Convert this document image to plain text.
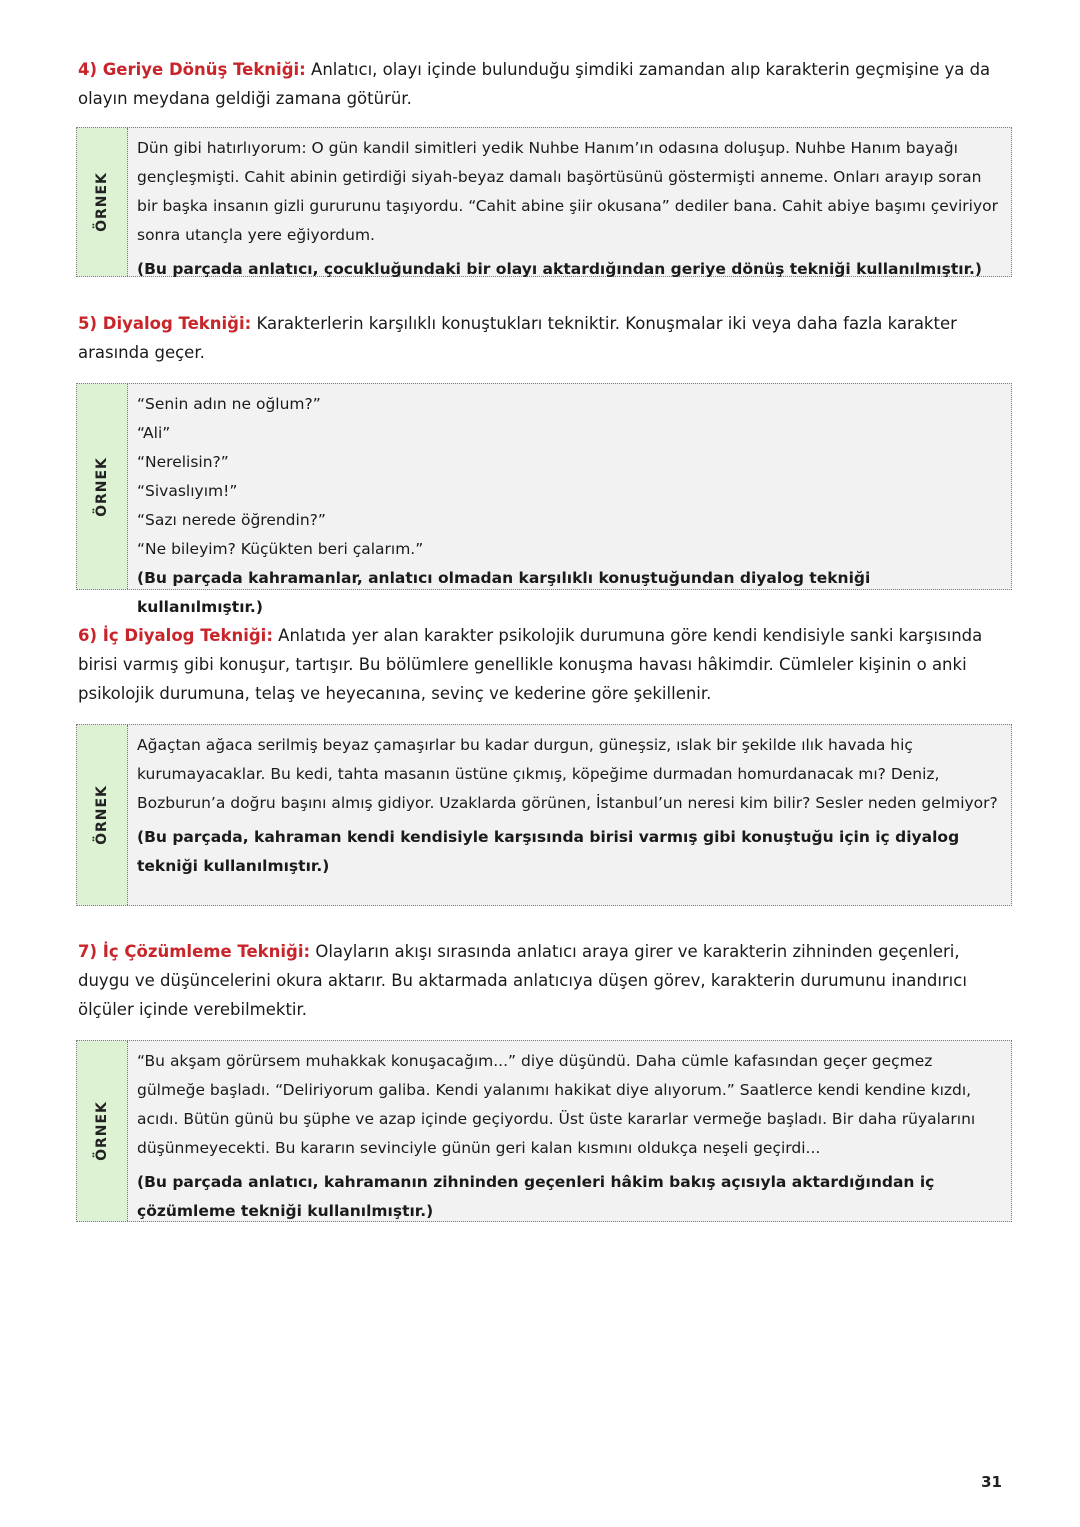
4) Geriye Dönüş Tekniği: Anlatıcı, olayı içinde bulunduğu şimdiki zamandan alıp karakterin geçmişine ya da olayın meydana geldiği zamana götürür.
ÖRNEK

Dün gibi hatırlıyorum: O gün kandil simitleri yedik Nuhbe Hanım’ın odasına doluşup. Nuhbe Hanım bayağı gençleşmişti. Cahit abinin getirdiği siyah-beyaz damalı başörtüsünü göstermişti anneme. Onları arayıp soran bir başka insanın gizli gururunu taşıyordu. “Cahit abine şiir okusana” dediler bana. Cahit abiye başımı çeviriyor sonra utançla yere eğiyordum.

(Bu parçada anlatıcı, çocukluğundaki bir olayı aktardığından geriye dönüş tekniği kullanılmıştır.)

5) Diyalog Tekniği: Karakterlerin karşılıklı konuştukları tekniktir. Konuşmalar iki veya daha fazla karakter arasında geçer.
ÖRNEK

“Senin adın ne oğlum?”

“Ali”

“Nerelisin?”

“Sivaslıyım!”

“Sazı nerede öğrendin?”

“Ne bileyim? Küçükten beri çalarım.”

(Bu parçada kahramanlar, anlatıcı olmadan karşılıklı konuştuğundan diyalog tekniği kullanılmıştır.)

6) İç Diyalog Tekniği: Anlatıda yer alan karakter psikolojik durumuna göre kendi kendisiyle sanki karşısında birisi varmış gibi konuşur, tartışır. Bu bölümlere genellikle konuşma havası hâkimdir. Cümleler kişinin o anki psikolojik durumuna, telaş ve heyecanına, sevinç ve kederine göre şekillenir.
ÖRNEK

Ağaçtan ağaca serilmiş beyaz çamaşırlar bu kadar durgun, güneşsiz, ıslak bir şekilde ılık havada hiç kurumayacaklar. Bu kedi, tahta masanın üstüne çıkmış, köpeğime durmadan homurdanacak mı? Deniz, Bozburun’a doğru başını almış gidiyor. Uzaklarda görünen, İstanbul’un neresi kim bilir? Sesler neden gelmiyor?

(Bu parçada, kahraman kendi kendisiyle karşısında birisi varmış gibi konuştuğu için iç diyalog tekniği kullanılmıştır.)

7) İç Çözümleme Tekniği: Olayların akışı sırasında anlatıcı araya girer ve karakterin zihninden geçenleri, duygu ve düşüncelerini okura aktarır. Bu aktarmada anlatıcıya düşen görev, karakterin durumunu inandırıcı ölçüler içinde verebilmektir.
ÖRNEK

“Bu akşam görürsem muhakkak konuşacağım...” diye düşündü. Daha cümle kafasından geçer geçmez gülmeğe başladı. “Deliriyorum galiba. Kendi yalanımı hakikat diye alıyorum.” Saatlerce kendi kendine kızdı, acıdı. Bütün günü bu şüphe ve azap içinde geçiyordu. Üst üste kararlar vermeğe başladı. Bir daha rüyalarını düşünmeyecekti. Bu kararın sevinciyle günün geri kalan kısmını oldukça neşeli geçirdi...

(Bu parçada anlatıcı, kahramanın zihninden geçenleri hâkim bakış açısıyla aktardığından iç çözümleme tekniği kullanılmıştır.)

31
